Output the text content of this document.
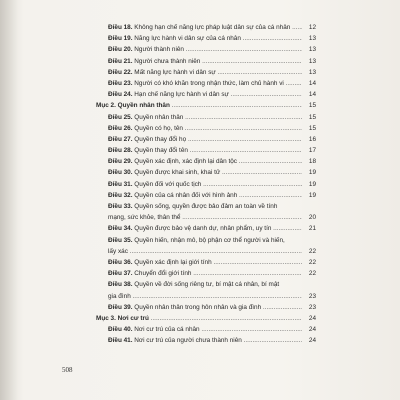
Điều 18. Không hạn chế năng lực pháp luật dân sự của cá nhân .....	12
Điều 19. Năng lực hành vi dân sự của cá nhân .....	13
Điều 20. Người thành niên .....	13
Điều 21. Người chưa thành niên .....	13
Điều 22. Mất năng lực hành vi dân sự .....	13
Điều 23. Người có khó khăn trong nhận thức, làm chủ hành vi .....	14
Điều 24. Hạn chế năng lực hành vi dân sự .....	14
Mục 2. Quyền nhân thân .....	15
Điều 25. Quyền nhân thân .....	15
Điều 26. Quyền có họ, tên .....	15
Điều 27. Quyền thay đổi họ .....	16
Điều 28. Quyền thay đổi tên .....	17
Điều 29. Quyền xác định, xác định lại dân tộc .....	18
Điều 30. Quyền được khai sinh, khai tử .....	19
Điều 31. Quyền đối với quốc tịch .....	19
Điều 32. Quyền của cá nhân đối với hình ảnh .....	19
Điều 33. Quyền sống, quyền được bảo đảm an toàn về tính
mạng, sức khỏe, thân thể .....	20
Điều 34. Quyền được bảo vệ danh dự, nhân phẩm, uy tín .....	21
Điều 35. Quyền hiến, nhận mô, bộ phận cơ thể người và hiến,
lấy xác .....	22
Điều 36. Quyền xác định lại giới tính .....	22
Điều 37. Chuyển đổi giới tính .....	22
Điều 38. Quyền về đời sống riêng tư, bí mật cá nhân, bí mật
gia đình .....	23
Điều 39. Quyền nhân thân trong hôn nhân và gia đình .....	23
Mục 3. Nơi cư trú .....	24
Điều 40. Nơi cư trú của cá nhân .....	24
Điều 41. Nơi cư trú của người chưa thành niên .....	24
508
